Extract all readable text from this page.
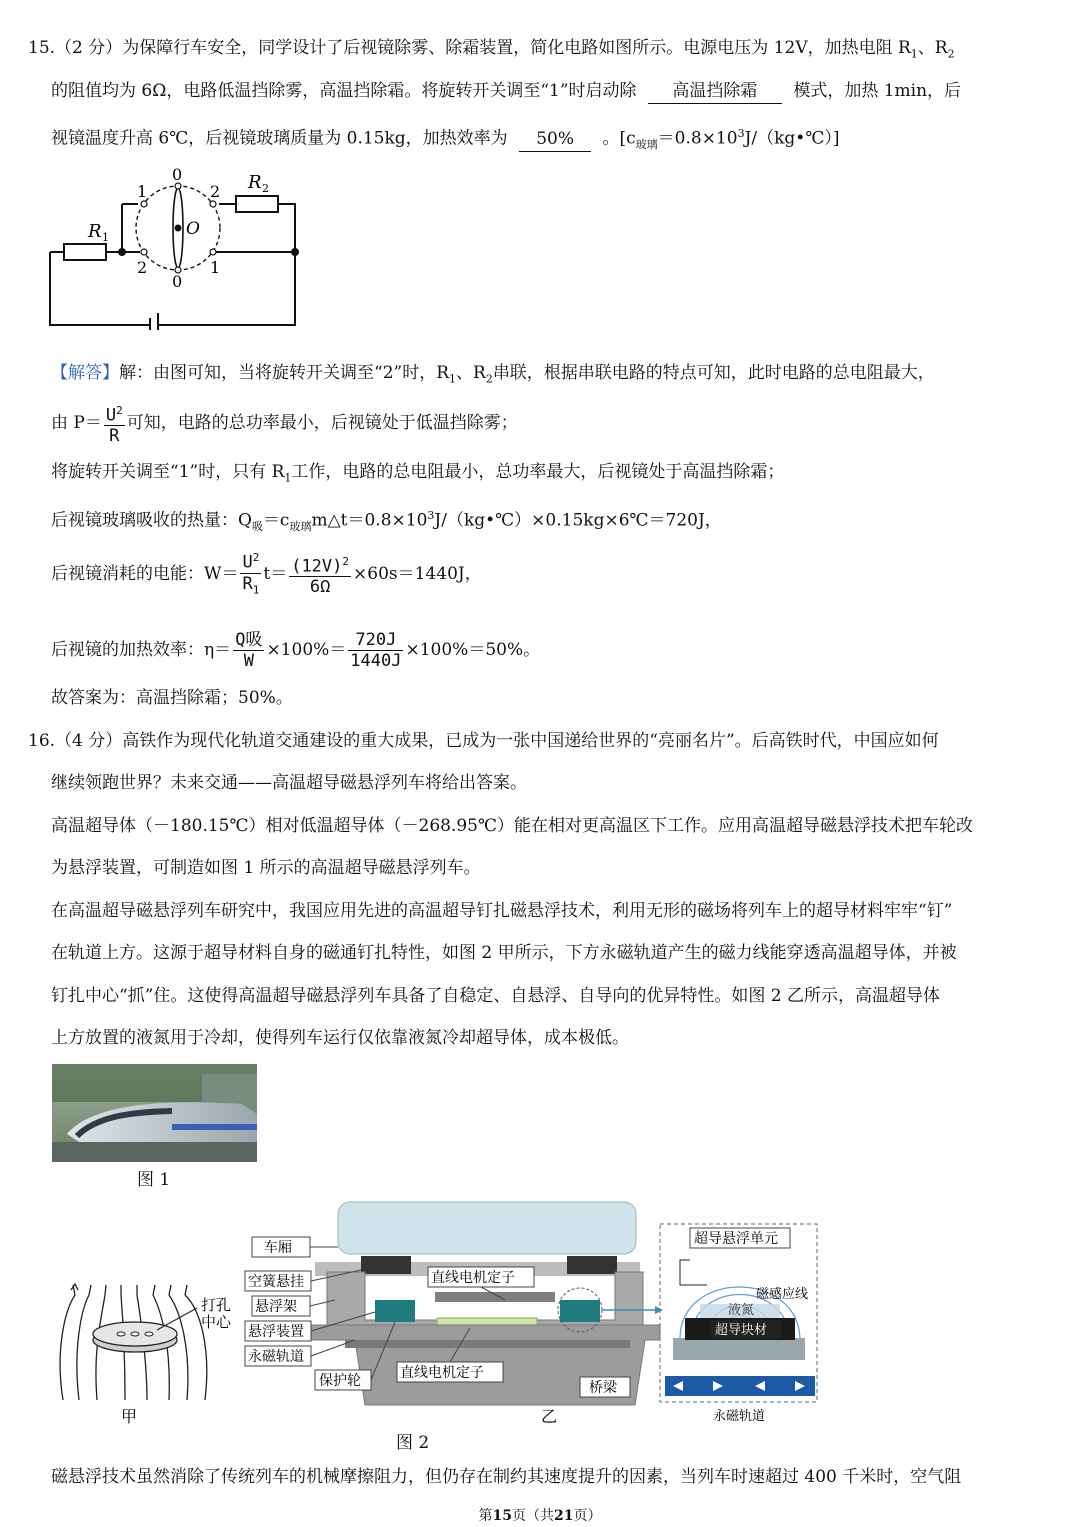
15.（2 分）为保障行车安全，同学设计了后视镜除雾、除霜装置，简化电路如图所示。电源电压为 12V，加热电阻 $R_1$、$R_2$
的阻值均为 6Ω，电路低温挡除雾，高温挡除霜。将旋转开关调至“1”时启动除 高温挡除霜 模式，加热 1min，后
视镜温度升高 6℃，后视镜玻璃质量为 0.15kg，加热效率为 50% 。$[c_{玻璃}=0.8\times 10^3J/(kg•℃)]$
R 1
R 2
O
0
0
1	2
2	1
【解答】解：由图可知，当将旋转开关调至“2”时，$R_1$、$R_2$串联，根据串联电路的特点可知，此时电路的总电阻最大，
由 $P= \frac{U^2}{R}$ 可知，电路的总功率最小，后视镜处于低温挡除雾；
将旋转开关调至“1”时，只有 $R_1$工作，电路的总电阻最小，总功率最大，后视镜处于高温挡除霜；
后视镜玻璃吸收的热量：$Q_吸=c_{玻璃}m\triangle t=0.8\times 10^3J/(kg•℃)\times 0.15kg\times 6℃=720J$，
后视镜消耗的电能：$W= \frac{U^2}{R_1} t= \frac{(12V)^2}{6\Omega} \times 60s=1440J$，
后视镜的加热效率：$\eta= \frac{\text{Q吸}}{W} \times 100\%= \frac{720J}{1440J} \times 100\%=50\%$。
故答案为：高温挡除霜；50%。
16.（4 分）高铁作为现代化轨道交通建设的重大成果，已成为一张中国递给世界的“亮丽名片”。后高铁时代，中国应如何
继续领跑世界？未来交通——高温超导磁悬浮列车将给出答案。
高温超导体（－180.15℃）相对低温超导体（－268.95℃）能在相对更高温区下工作。应用高温超导磁悬浮技术把车轮改
为悬浮装置，可制造如图 1 所示的高温超导磁悬浮列车。
在高温超导磁悬浮列车研究中，我国应用先进的高温超导钉扎磁悬浮技术，利用无形的磁场将列车上的超导材料牢牢“钉”
在轨道上方。这源于超导材料自身的磁通钉扎特性，如图 2 甲所示，下方永磁轨道产生的磁力线能穿透高温超导体，并被
钉扎中心“抓”住。这使得高温超导磁悬浮列车具备了自稳定、自悬浮、自导向的优异特性。如图 2 乙所示，高温超导体
上方放置的液氮用于冷却，使得列车运行仅依靠液氮冷却超导体，成本极低。
图 1
打孔中心
甲
车厢
空簧悬挂
悬浮架
悬浮装置
永磁轨道
保护轮
直线电机定子
直线电机定子
桥梁
乙
超导悬浮单元
磁感应线
液氮
超导块材
永磁轨道
图 2
磁悬浮技术虽然消除了传统列车的机械摩擦阻力，但仍存在制约其速度提升的因素，当列车时速超过 400 千米时，空气阻
第15页（共21页）
